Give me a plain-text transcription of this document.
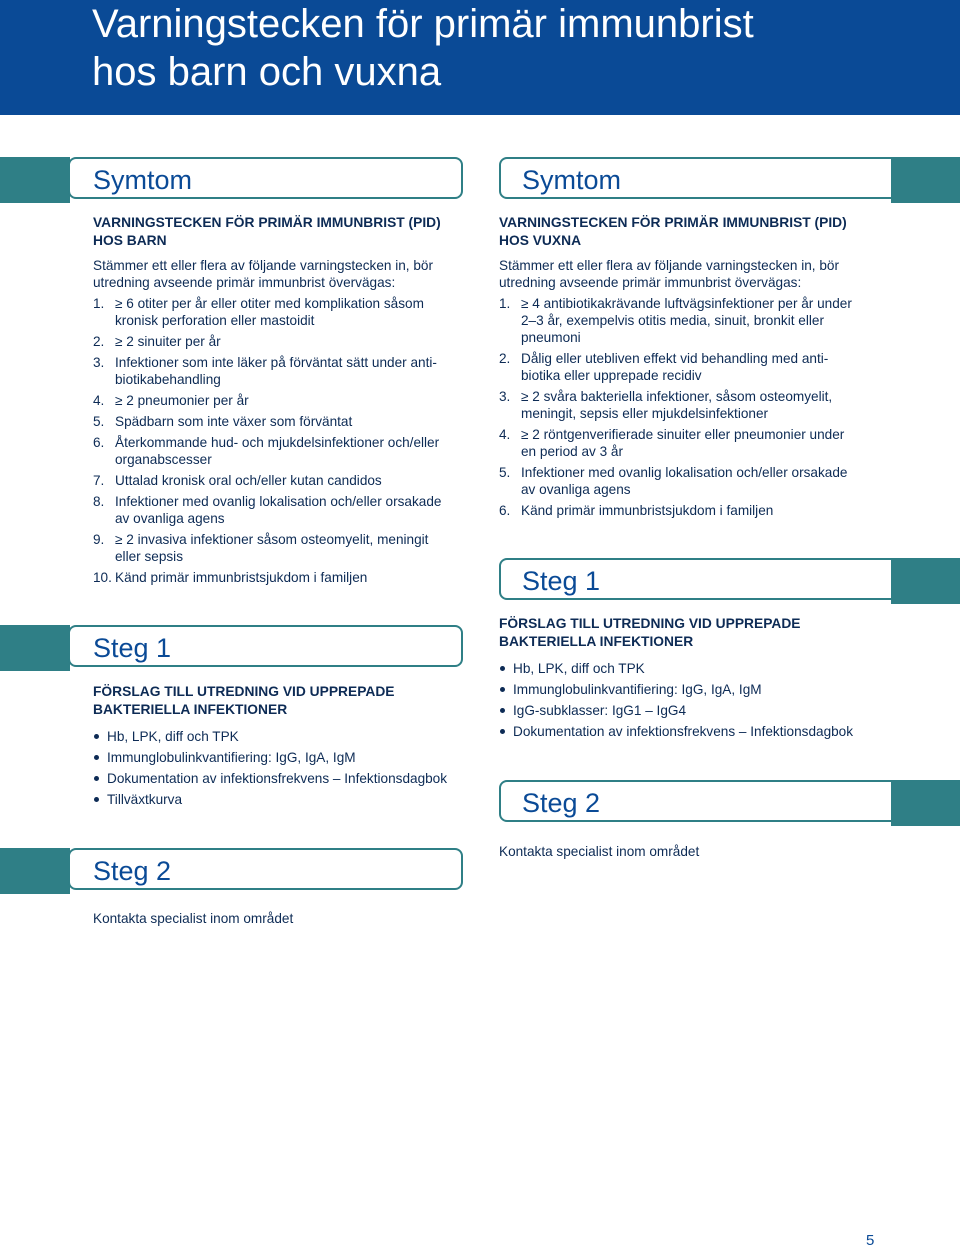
Varningstecken för primär immunbrist
hos barn och vuxna
Symtom
VARNINGSTECKEN FÖR PRIMÄR IMMUNBRIST (PID)
HOS BARN
Stämmer ett eller flera av följande varningstecken in, bör
utredning avseende primär immunbrist övervägas:
1. ≥ 6 otiter per år eller otiter med komplikation såsom
kronisk perforation eller mastoidit
2. ≥ 2 sinuiter per år
3. Infektioner som inte läker på förväntat sätt under anti-
biotikabehandling
4. ≥ 2 pneumonier per år
5. Spädbarn som inte växer som förväntat
6. Återkommande hud- och mjukdelsinfektioner och/eller
organabscesser
7. Uttalad kronisk oral och/eller kutan candidos
8. Infektioner med ovanlig lokalisation och/eller orsakade
av ovanliga agens
9. ≥ 2 invasiva infektioner såsom osteomyelit, meningit
eller sepsis
10. Känd primär immunbristsjukdom i familjen
Steg 1
FÖRSLAG TILL UTREDNING VID UPPREPADE
BAKTERIELLA INFEKTIONER
Hb, LPK, diff och TPK
Immunglobulinkvantifiering: IgG, IgA, IgM
Dokumentation av infektionsfrekvens – Infektionsdagbok
Tillväxtkurva
Steg 2
Kontakta specialist inom området
Symtom
VARNINGSTECKEN FÖR PRIMÄR IMMUNBRIST (PID)
HOS VUXNA
Stämmer ett eller flera av följande varningstecken in, bör
utredning avseende primär immunbrist övervägas:
1. ≥ 4 antibiotikakrävande luftvägsinfektioner per år under
2–3 år, exempelvis otitis media, sinuit, bronkit eller
pneumoni
2. Dålig eller utebliven effekt vid behandling med anti-
biotika eller upprepade recidiv
3. ≥ 2 svåra bakteriella infektioner, såsom osteomyelit,
meningit, sepsis eller mjukdelsinfektioner
4. ≥ 2 röntgenverifierade sinuiter eller pneumonier under
en period av 3 år
5. Infektioner med ovanlig lokalisation och/eller orsakade
av ovanliga agens
6. Känd primär immunbristsjukdom i familjen
Steg 1
FÖRSLAG TILL UTREDNING VID UPPREPADE
BAKTERIELLA INFEKTIONER
Hb, LPK, diff och TPK
Immunglobulinkvantifiering: IgG, IgA, IgM
IgG-subklasser: IgG1 – IgG4
Dokumentation av infektionsfrekvens – Infektionsdagbok
Steg 2
Kontakta specialist inom området
5
